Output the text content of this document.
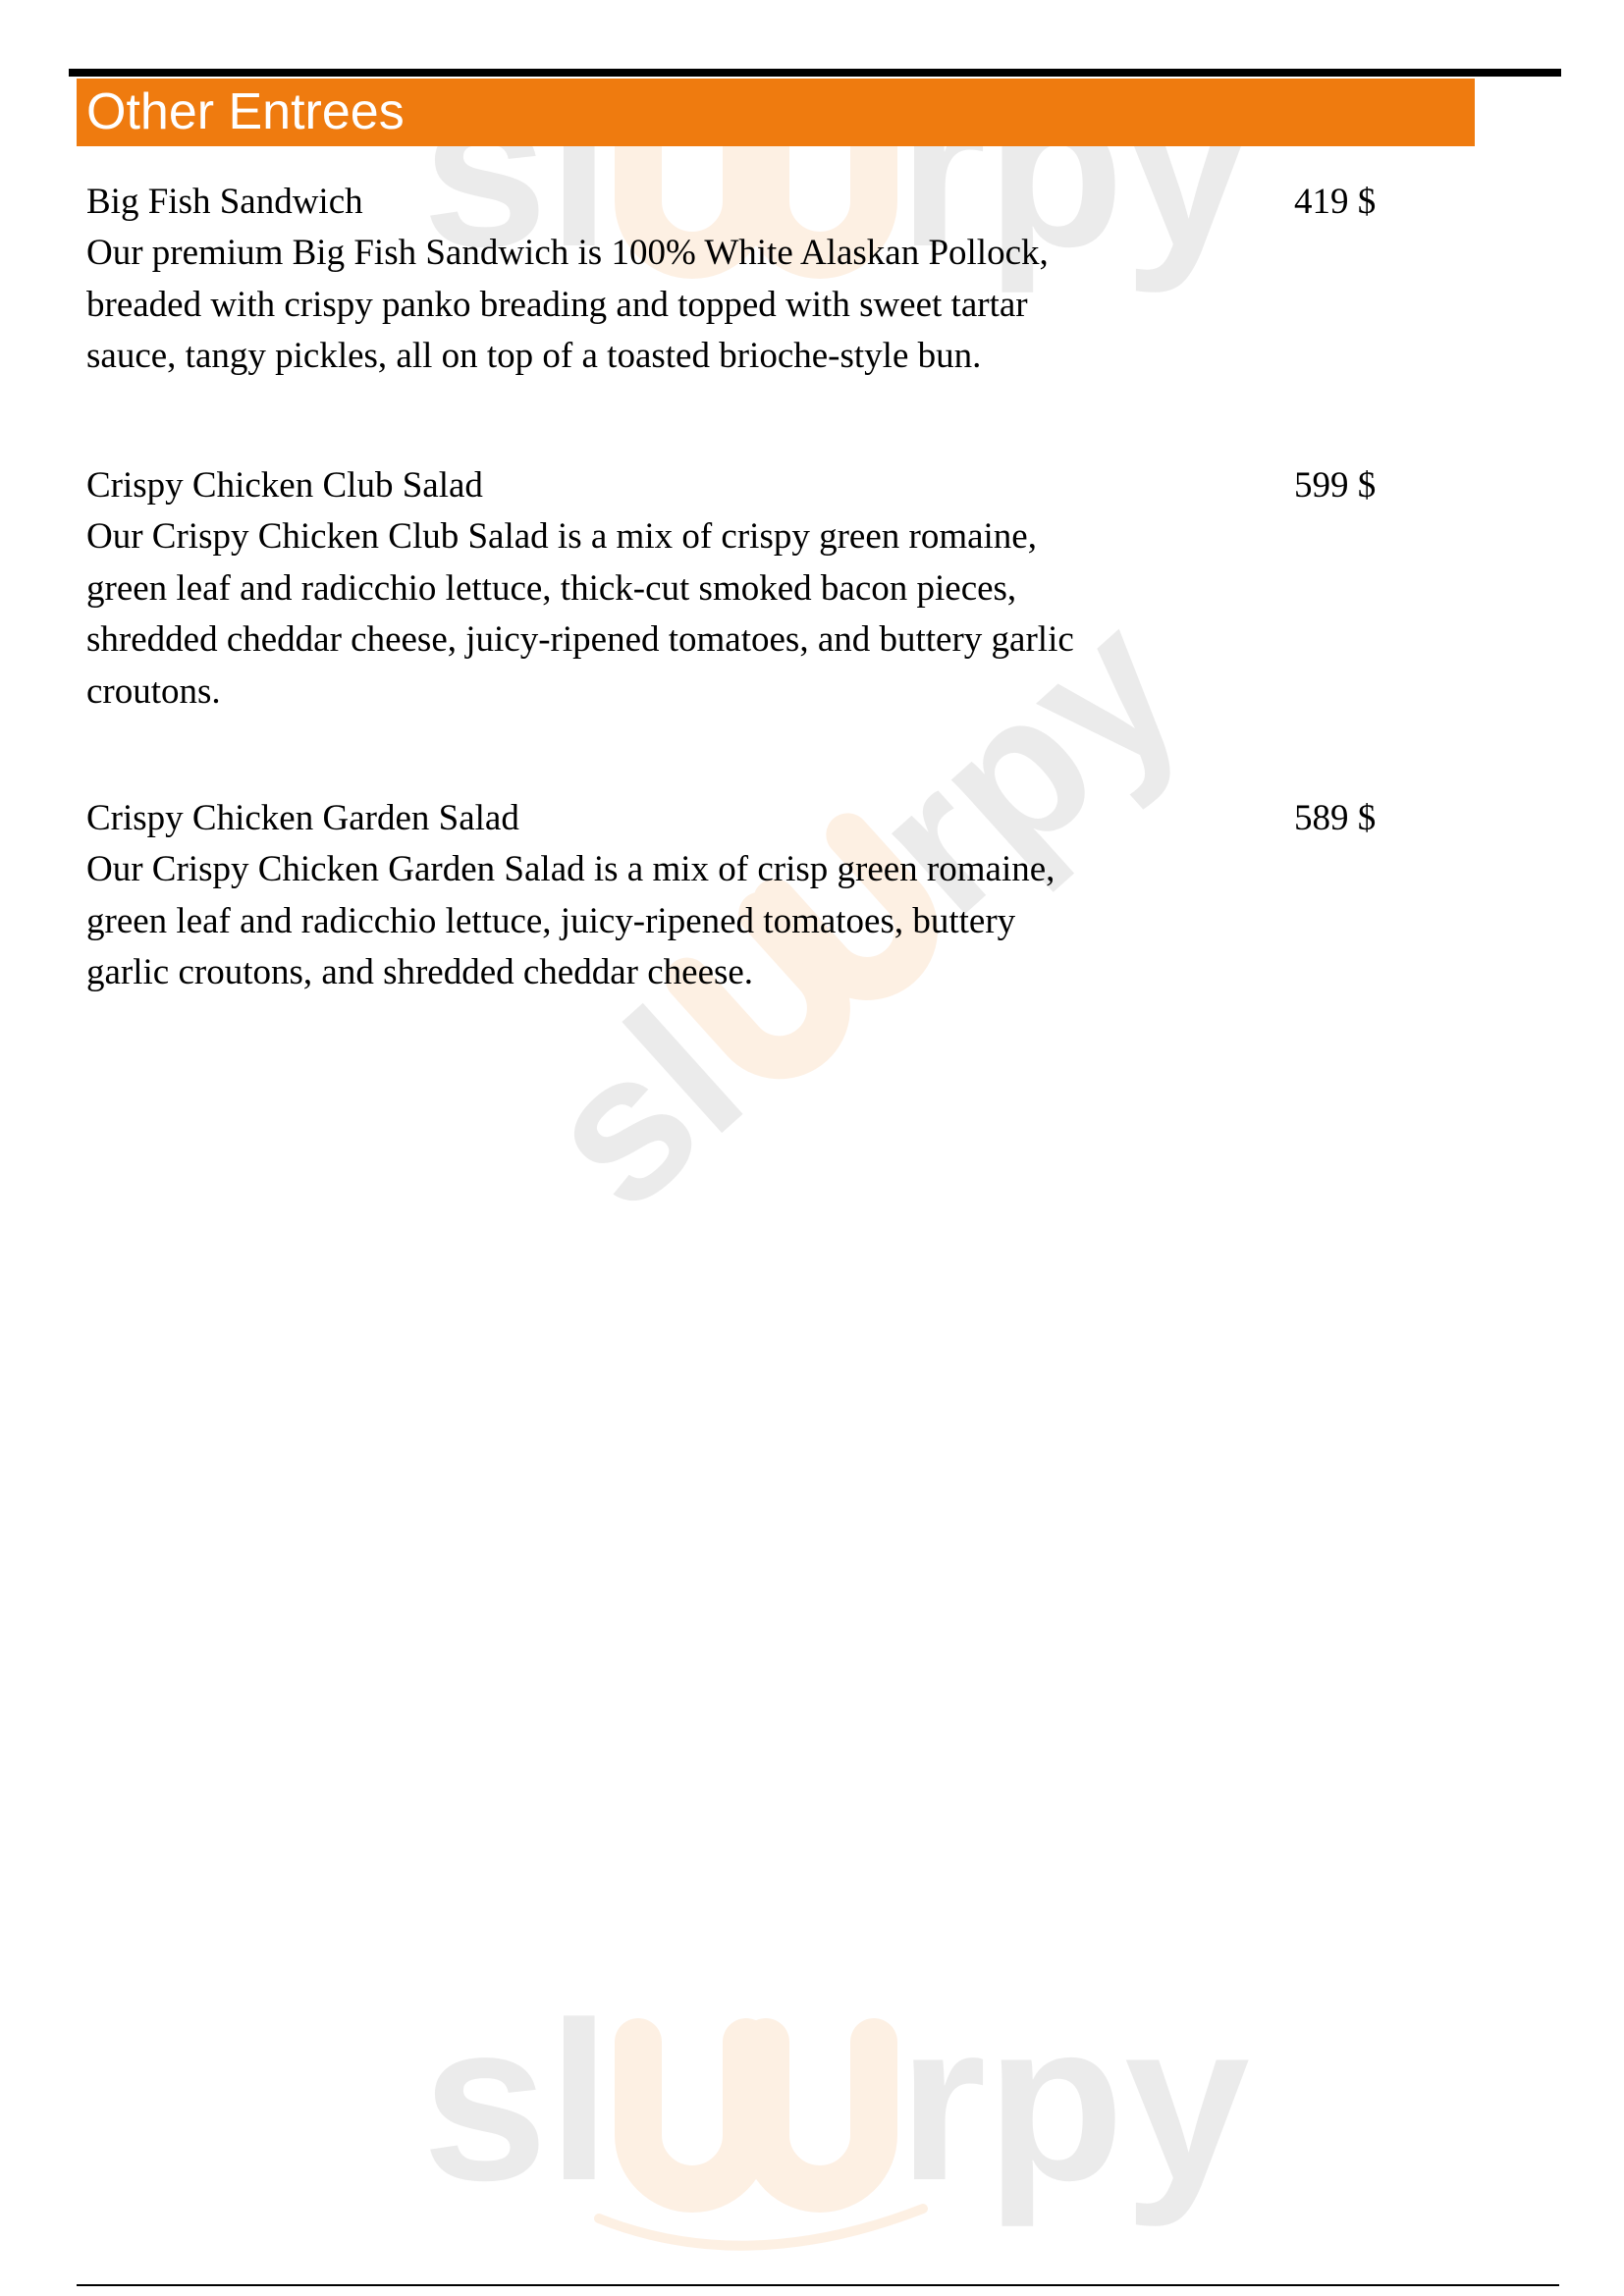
sl rpy
sl
rpy
sl rpy
Other Entrees
Big Fish Sandwich	419 $

Our premium Big Fish Sandwich is 100% White Alaskan Pollock,
breaded with crispy panko breading and topped with sweet tartar
sauce, tangy pickles, all on top of a toasted brioche-style bun.

Crispy Chicken Club Salad	599 $

Our Crispy Chicken Club Salad is a mix of crispy green romaine,
green leaf and radicchio lettuce, thick-cut smoked bacon pieces,
shredded cheddar cheese, juicy-ripened tomatoes, and buttery garlic
croutons.

Crispy Chicken Garden Salad	589 $

Our Crispy Chicken Garden Salad is a mix of crisp green romaine,
green leaf and radicchio lettuce, juicy-ripened tomatoes, buttery
garlic croutons, and shredded cheddar cheese.
